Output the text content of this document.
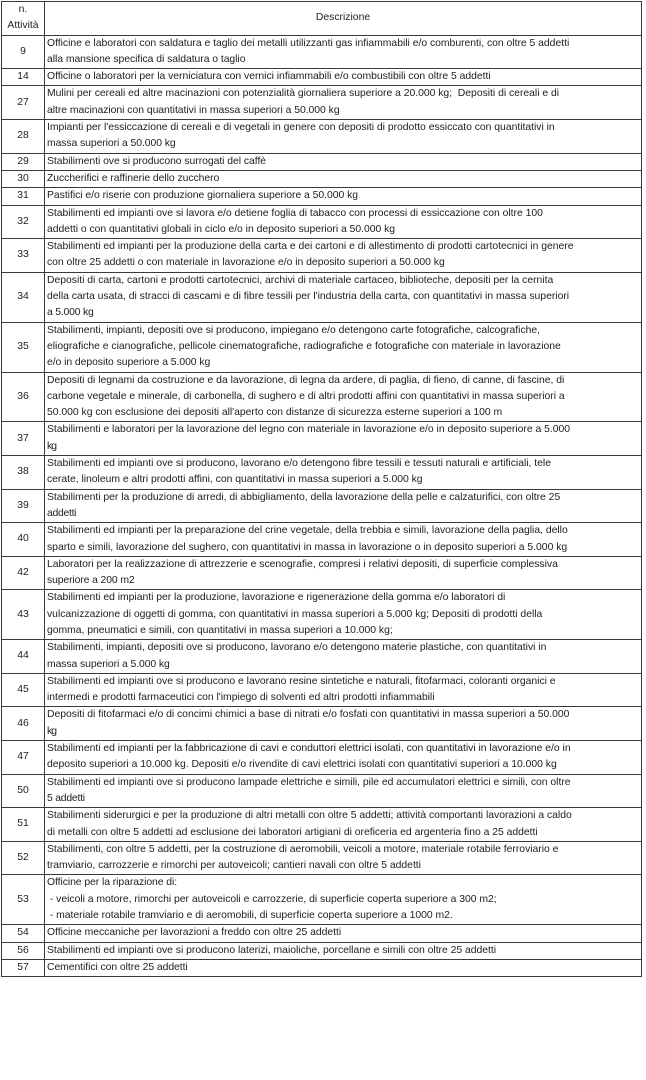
n. Attività	Descrizione
9	Officine e laboratori con saldatura e taglio dei metalli utilizzanti gas infiammabili e/o comburenti, con oltre 5 addetti
alla mansione specifica di saldatura o taglio

14	Officine o laboratori per la verniciatura con vernici infiammabili e/o combustibili con oltre 5 addetti

27	Mulini per cereali ed altre macinazioni con potenzialità giornaliera superiore a 20.000 kg;  Depositi di cereali e di
altre macinazioni con quantitativi in massa superiori a 50.000 kg

28	Impianti per l'essiccazione di cereali e di vegetali in genere con depositi di prodotto essiccato con quantitativi in
massa superiori a 50.000 kg

29	Stabilimenti ove si producono surrogati del caffè

30	Zuccherifici e raffinerie dello zucchero

31	Pastifici e/o riserie con produzione giornaliera superiore a 50.000 kg

32	Stabilimenti ed impianti ove si lavora e/o detiene foglia di tabacco con processi di essiccazione con oltre 100
addetti o con quantitativi globali in ciclo e/o in deposito superiori a 50.000 kg

33	Stabilimenti ed impianti per la produzione della carta e dei cartoni e di allestimento di prodotti cartotecnici in genere
con oltre 25 addetti o con materiale in lavorazione e/o in deposito superiori a 50.000 kg

34	Depositi di carta, cartoni e prodotti cartotecnici, archivi di materiale cartaceo, biblioteche, depositi per la cernita
della carta usata, di stracci di cascami e di fibre tessili per l'industria della carta, con quantitativi in massa superiori
a 5.000 kg

35	Stabilimenti, impianti, depositi ove si producono, impiegano e/o detengono carte fotografiche, calcografiche,
eliografiche e cianografiche, pellicole cinematografiche, radiografiche e fotografiche con materiale in lavorazione
e/o in deposito superiore a 5.000 kg

36	Depositi di legnami da costruzione e da lavorazione, di legna da ardere, di paglia, di fieno, di canne, di fascine, di
carbone vegetale e minerale, di carbonella, di sughero e di altri prodotti affini con quantitativi in massa superiori a
50.000 kg con esclusione dei depositi all'aperto con distanze di sicurezza esterne superiori a 100 m

37	Stabilimenti e laboratori per la lavorazione del legno con materiale in lavorazione e/o in deposito superiore a 5.000
kg

38	Stabilimenti ed impianti ove si producono, lavorano e/o detengono fibre tessili e tessuti naturali e artificiali, tele
cerate, linoleum e altri prodotti affini, con quantitativi in massa superiori a 5.000 kg

39	Stabilimenti per la produzione di arredi, di abbigliamento, della lavorazione della pelle e calzaturifici, con oltre 25
addetti

40	Stabilimenti ed impianti per la preparazione del crine vegetale, della trebbia e simili, lavorazione della paglia, dello
sparto e simili, lavorazione del sughero, con quantitativi in massa in lavorazione o in deposito superiori a 5.000 kg

42	Laboratori per la realizzazione di attrezzerie e scenografie, compresi i relativi depositi, di superficie complessiva
superiore a 200 m2

43	Stabilimenti ed impianti per la produzione, lavorazione e rigenerazione della gomma e/o laboratori di
vulcanizzazione di oggetti di gomma, con quantitativi in massa superiori a 5.000 kg; Depositi di prodotti della
gomma, pneumatici e simili, con quantitativi in massa superiori a 10.000 kg;

44	Stabilimenti, impianti, depositi ove si producono, lavorano e/o detengono materie plastiche, con quantitativi in
massa superiori a 5.000 kg

45	Stabilimenti ed impianti ove si producono e lavorano resine sintetiche e naturali, fitofarmaci, coloranti organici e
intermedi e prodotti farmaceutici con l'impiego di solventi ed altri prodotti infiammabili

46	Depositi di fitofarmaci e/o di concimi chimici a base di nitrati e/o fosfati con quantitativi in massa superiori a 50.000
kg

47	Stabilimenti ed impianti per la fabbricazione di cavi e conduttori elettrici isolati, con quantitativi in lavorazione e/o in
deposito superiori a 10.000 kg. Depositi e/o rivendite di cavi elettrici isolati con quantitativi superiori a 10.000 kg

50	Stabilimenti ed impianti ove si producono lampade elettriche e simili, pile ed accumulatori elettrici e simili, con oltre
5 addetti

51	Stabilimenti siderurgici e per la produzione di altri metalli con oltre 5 addetti; attività comportanti lavorazioni a caldo
di metalli con oltre 5 addetti ad esclusione dei laboratori artigiani di oreficeria ed argenteria fino a 25 addetti

52	Stabilimenti, con oltre 5 addetti, per la costruzione di aeromobili, veicoli a motore, materiale rotabile ferroviario e
tramviario, carrozzerie e rimorchi per autoveicoli; cantieri navali con oltre 5 addetti

53	Officine per la riparazione di:
- veicoli a motore, rimorchi per autoveicoli e carrozzerie, di superficie coperta superiore a 300 m2;
- materiale rotabile tramviario e di aeromobili, di superficie coperta superiore a 1000 m2.

54	Officine meccaniche per lavorazioni a freddo con oltre 25 addetti

56	Stabilimenti ed impianti ove si producono laterizi, maioliche, porcellane e simili con oltre 25 addetti

57	Cementifici con oltre 25 addetti
